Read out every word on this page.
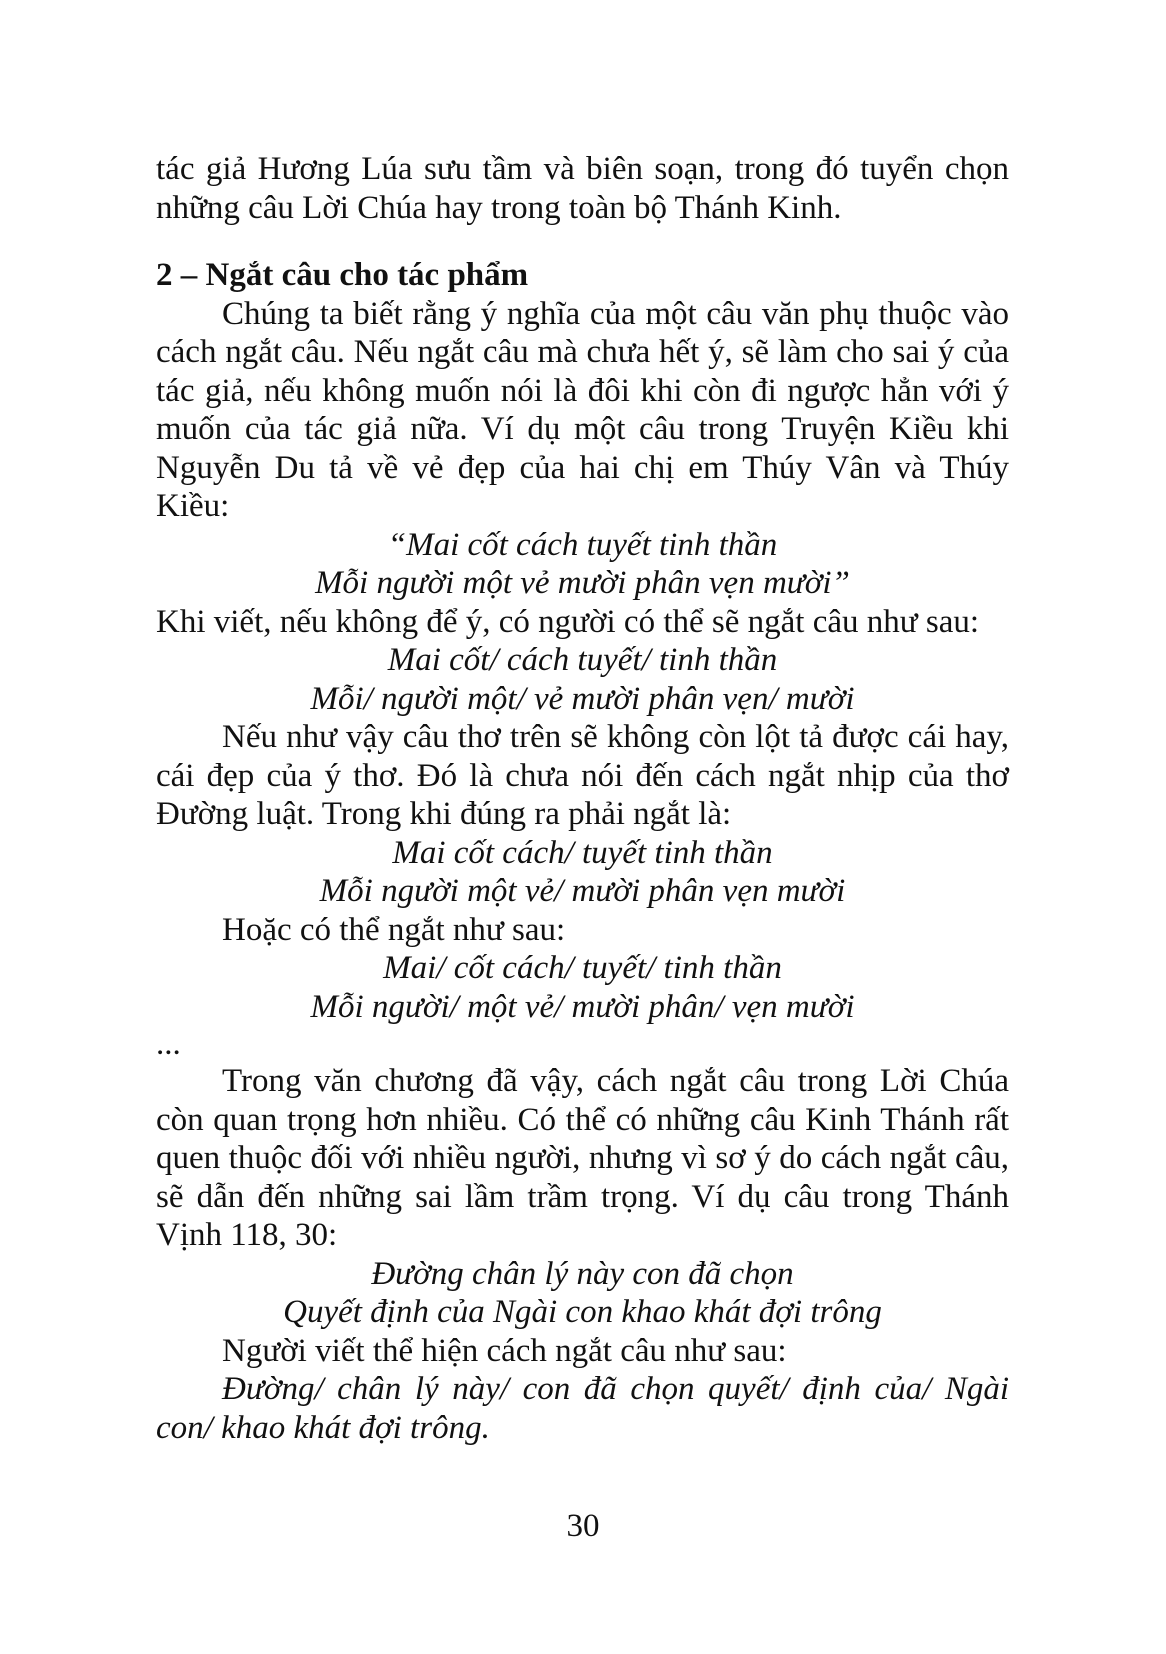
tác giả Hương Lúa sưu tầm và biên soạn, trong đó tuyển chọn những câu Lời Chúa hay trong toàn bộ Thánh Kinh.

2 – Ngắt câu cho tác phẩm

Chúng ta biết rằng ý nghĩa của một câu văn phụ thuộc vào cách ngắt câu. Nếu ngắt câu mà chưa hết ý, sẽ làm cho sai ý của tác giả, nếu không muốn nói là đôi khi còn đi ngược hẳn với ý muốn của tác giả nữa. Ví dụ một câu trong Truyện Kiều khi Nguyễn Du tả về vẻ đẹp của hai chị em Thúy Vân và Thúy Kiều:

“Mai cốt cách tuyết tinh thần

Mỗi người một vẻ mười phân vẹn mười”

Khi viết, nếu không để ý, có người có thể sẽ ngắt câu như sau:

Mai cốt/ cách tuyết/ tinh thần

Mỗi/ người một/ vẻ mười phân vẹn/ mười

Nếu như vậy câu thơ trên sẽ không còn lột tả được cái hay, cái đẹp của ý thơ. Đó là chưa nói đến cách ngắt nhịp của thơ Đường luật. Trong khi đúng ra phải ngắt là:

Mai cốt cách/ tuyết tinh thần

Mỗi người một vẻ/ mười phân vẹn mười

Hoặc có thể ngắt như sau:

Mai/ cốt cách/ tuyết/ tinh thần

Mỗi người/ một vẻ/ mười phân/ vẹn mười

...

Trong văn chương đã vậy, cách ngắt câu trong Lời Chúa còn quan trọng hơn nhiều. Có thể có những câu Kinh Thánh rất quen thuộc đối với nhiều người, nhưng vì sơ ý do cách ngắt câu, sẽ dẫn đến những sai lầm trầm trọng. Ví dụ câu trong Thánh Vịnh 118, 30:

Đường chân lý này con đã chọn

Quyết định của Ngài con khao khát đợi trông

Người viết thể hiện cách ngắt câu như sau:

Đường/ chân lý này/ con đã chọn quyết/ định của/ Ngài con/ khao khát đợi trông.

30
